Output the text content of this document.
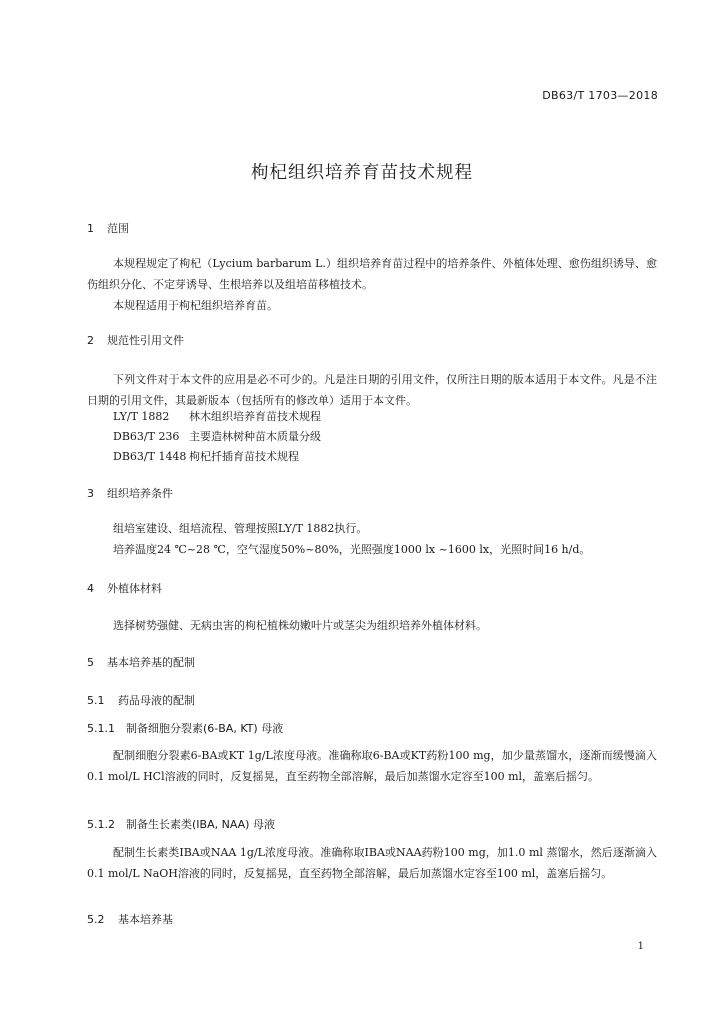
DB63/T 1703—2018
枸杞组织培养育苗技术规程
1 范围
本规程规定了枸杞（Lycium barbarum L.）组织培养育苗过程中的培养条件、外植体处理、愈伤组织诱导、愈伤组织分化、不定芽诱导、生根培养以及组培苗移植技术。
本规程适用于枸杞组织培养育苗。
2 规范性引用文件
下列文件对于本文件的应用是必不可少的。凡是注日期的引用文件，仅所注日期的版本适用于本文件。凡是不注日期的引用文件，其最新版本（包括所有的修改单）适用于本文件。
LY/T 1882 林木组织培养育苗技术规程
DB63/T 236 主要造林树种苗木质量分级
DB63/T 1448 枸杞扦插育苗技术规程
3 组织培养条件
组培室建设、组培流程、管理按照LY/T 1882执行。
培养温度24 ℃~28 ℃，空气湿度50%~80%，光照强度1000 lx ~1600 lx，光照时间16 h/d。
4 外植体材料
选择树势强健、无病虫害的枸杞植株幼嫩叶片或茎尖为组织培养外植体材料。
5 基本培养基的配制
5.1 药品母液的配制
5.1.1 制备细胞分裂素(6-BA, KT) 母液
配制细胞分裂素6-BA或KT 1g/L浓度母液。准确称取6-BA或KT药粉100 mg，加少量蒸馏水，逐渐而缓慢滴入0.1 mol/L HCl溶液的同时，反复摇晃，直至药物全部溶解，最后加蒸馏水定容至100 ml，盖塞后摇匀。
5.1.2 制备生长素类(IBA, NAA) 母液
配制生长素类IBA或NAA 1g/L浓度母液。准确称取IBA或NAA药粉100 mg，加1.0 ml 蒸馏水，然后逐渐滴入0.1 mol/L NaOH溶液的同时，反复摇晃，直至药物全部溶解，最后加蒸馏水定容至100 ml，盖塞后摇匀。
5.2 基本培养基
1
